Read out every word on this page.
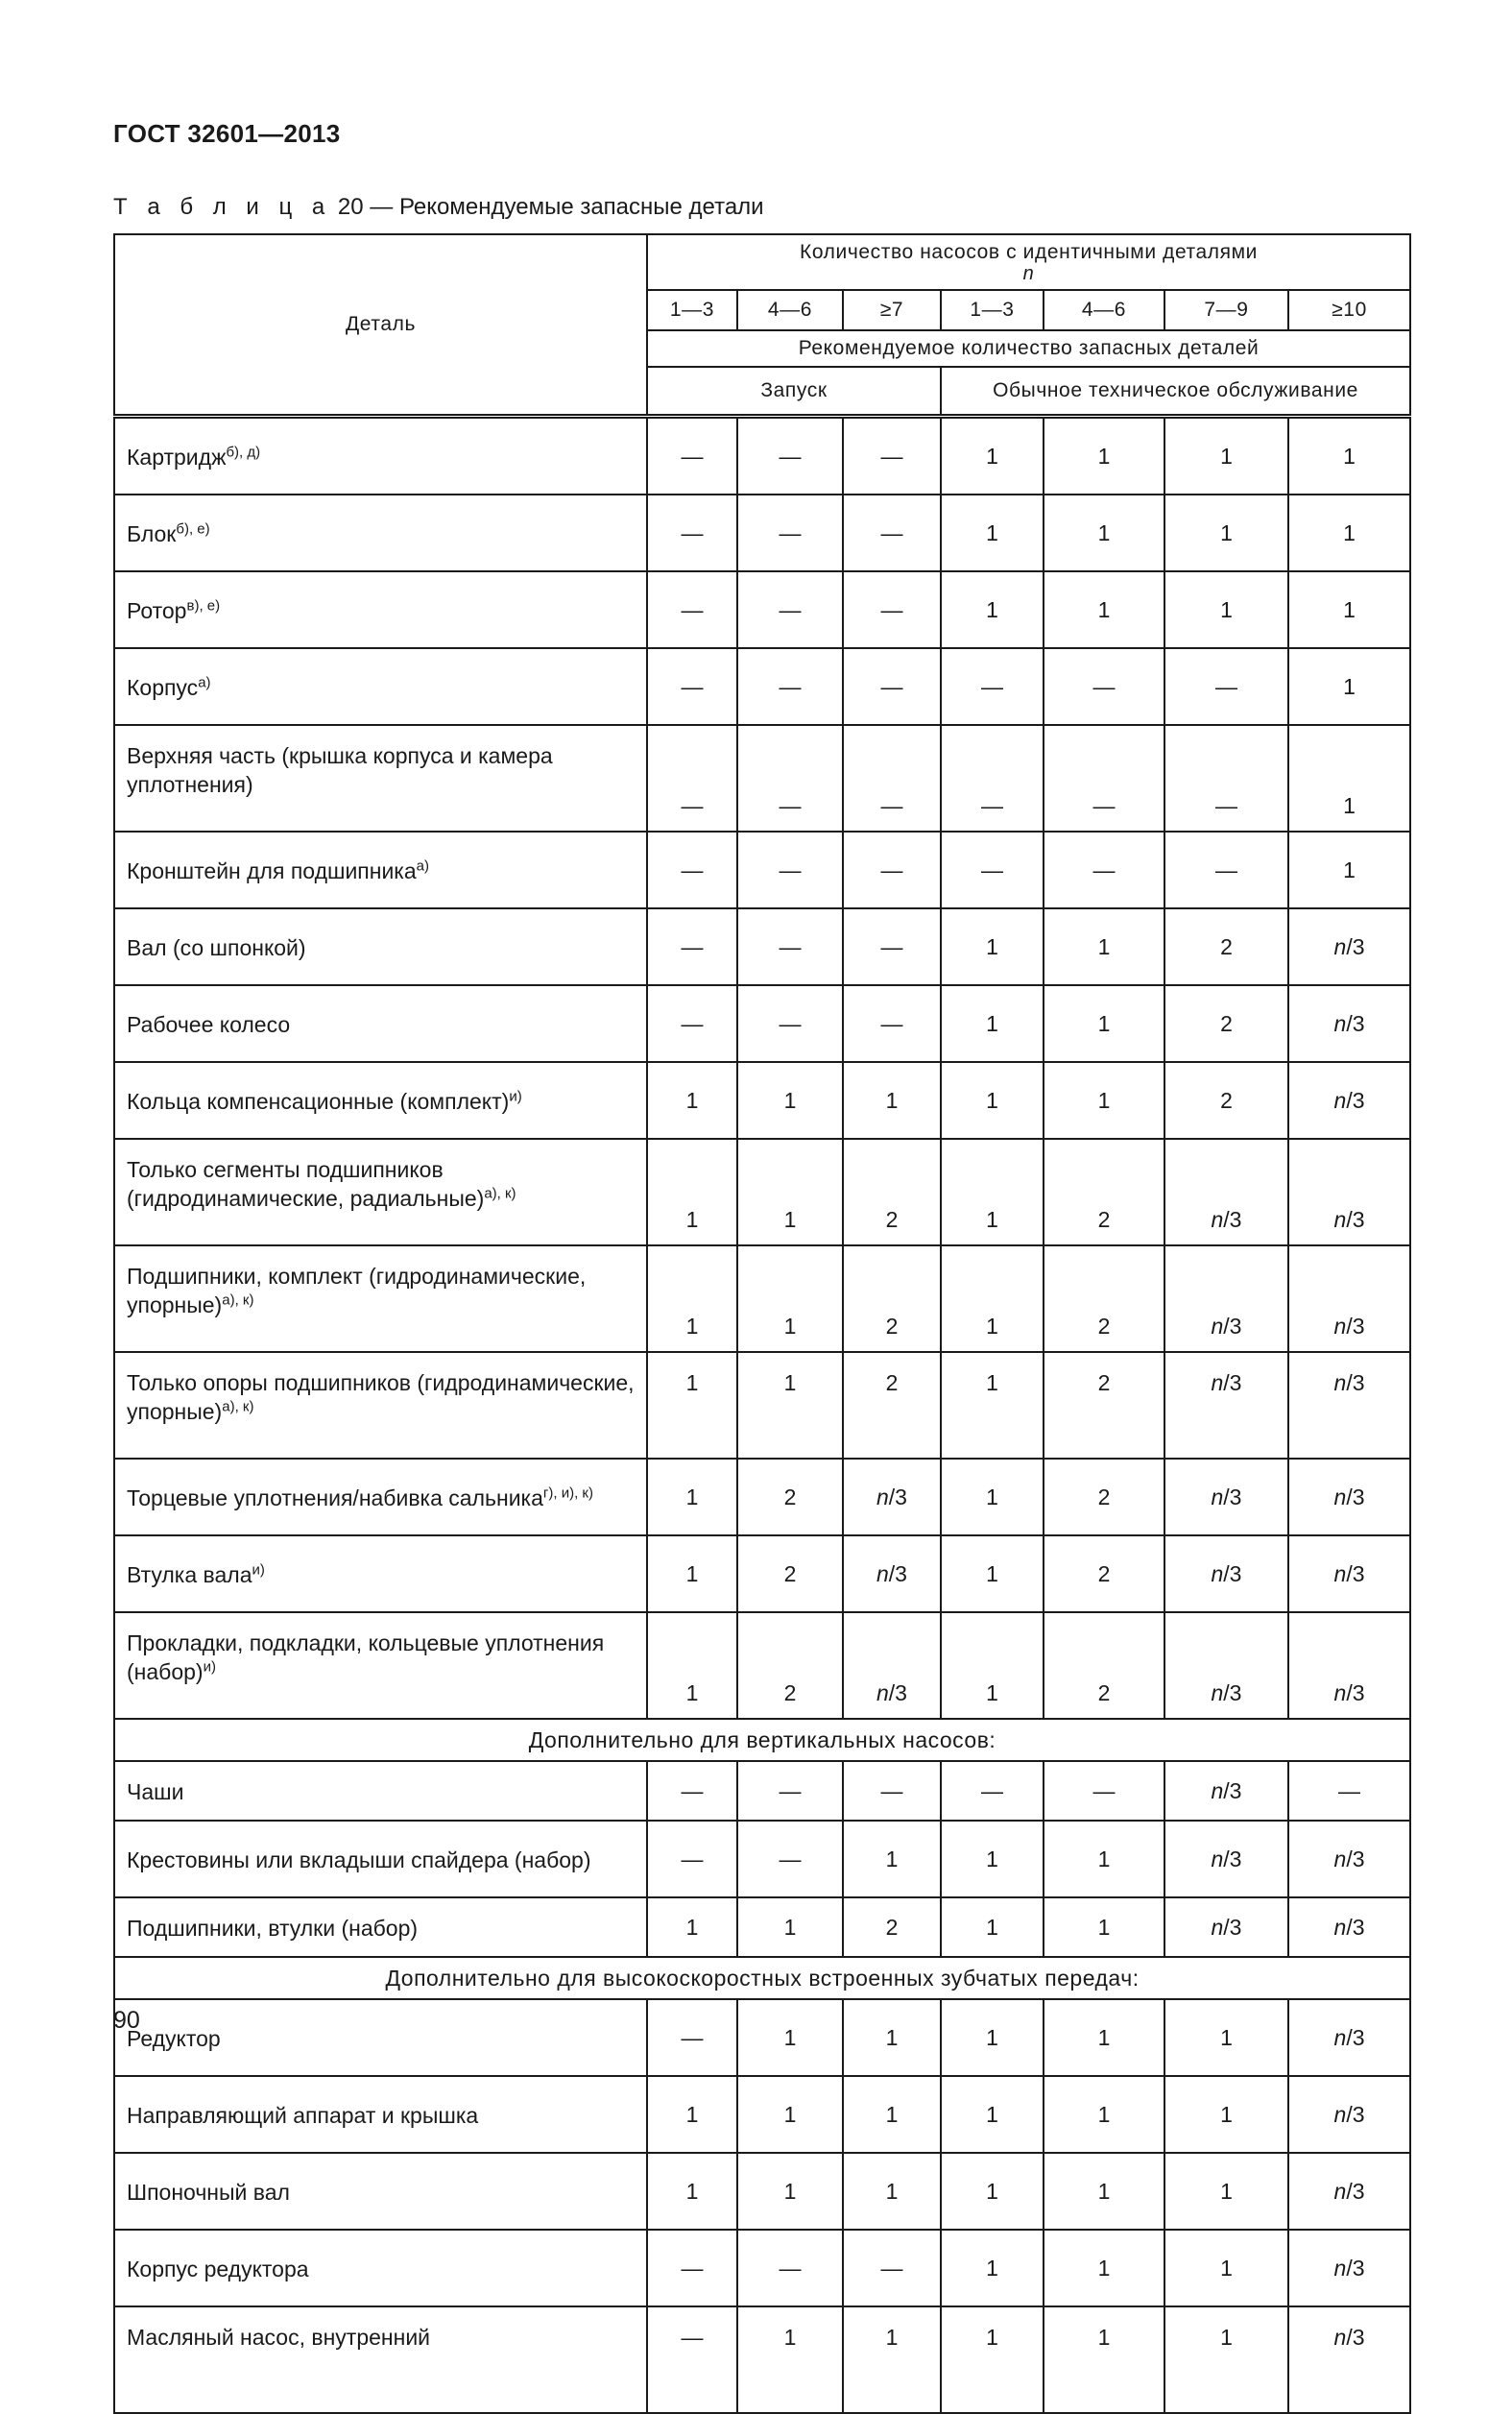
ГОСТ 32601—2013
Т а б л и ц а 20 — Рекомендуемые запасные детали
Деталь	Количество насосов с идентичными деталями
n						

	1—3	4—6	≥7	1—3	4—6	7—9	≥10
	Рекомендуемое количество запасных деталей						
	Запуск			Обычное техническое обслуживание			
Картридж$^{б), д)}$	—	—	—	1	1	1	1
Блок$^{б), е)}$	—	—	—	1	1	1	1
Ротор$^{в), е)}$	—	—	—	1	1	1	1
Корпус$^{а)}$	—	—	—	—	—	—	1
Верхняя часть (крышка корпуса и камера уплотнения)	—	—	—	—	—	—	1
Кронштейн для подшипника$^{а)}$	—	—	—	—	—	—	1
Вал (со шпонкой)	—	—	—	1	1	2	n/3
Рабочее колесо	—	—	—	1	1	2	n/3
Кольца компенсационные (комплект)$^{и)}$	1	1	1	1	1	2	n/3
Только сегменты подшипников (гидродинамические, радиальные)$^{а), к)}$	1	1	2	1	2	n/3	n/3
Подшипники, комплект (гидродинамические, упорные)$^{а), к)}$	1	1	2	1	2	n/3	n/3
Только опоры подшипников (гидродинамические, упорные)$^{а), к)}$	1	1	2	1	2	n/3	n/3
Торцевые уплотнения/набивка сальника$^{г), и), к)}$	1	2	n/3	1	2	n/3	n/3
Втулка вала$^{и)}$	1	2	n/3	1	2	n/3	n/3
Прокладки, подкладки, кольцевые уплотнения (набор)$^{и)}$	1	2	n/3	1	2	n/3	n/3
Дополнительно для вертикальных насосов:							
Чаши	—	—	—	—	—	n/3	—
Крестовины или вкладыши спайдера (набор)	—	—	1	1	1	n/3	n/3
Подшипники, втулки (набор)	1	1	2	1	1	n/3	n/3
Дополнительно для высокоскоростных встроенных зубчатых передач:							
Редуктор	—	1	1	1	1	1	n/3
Направляющий аппарат и крышка	1	1	1	1	1	1	n/3
Шпоночный вал	1	1	1	1	1	1	n/3
Корпус редуктора	—	—	—	1	1	1	n/3
Масляный насос, внутренний	—	1	1	1	1	1	n/3
90
